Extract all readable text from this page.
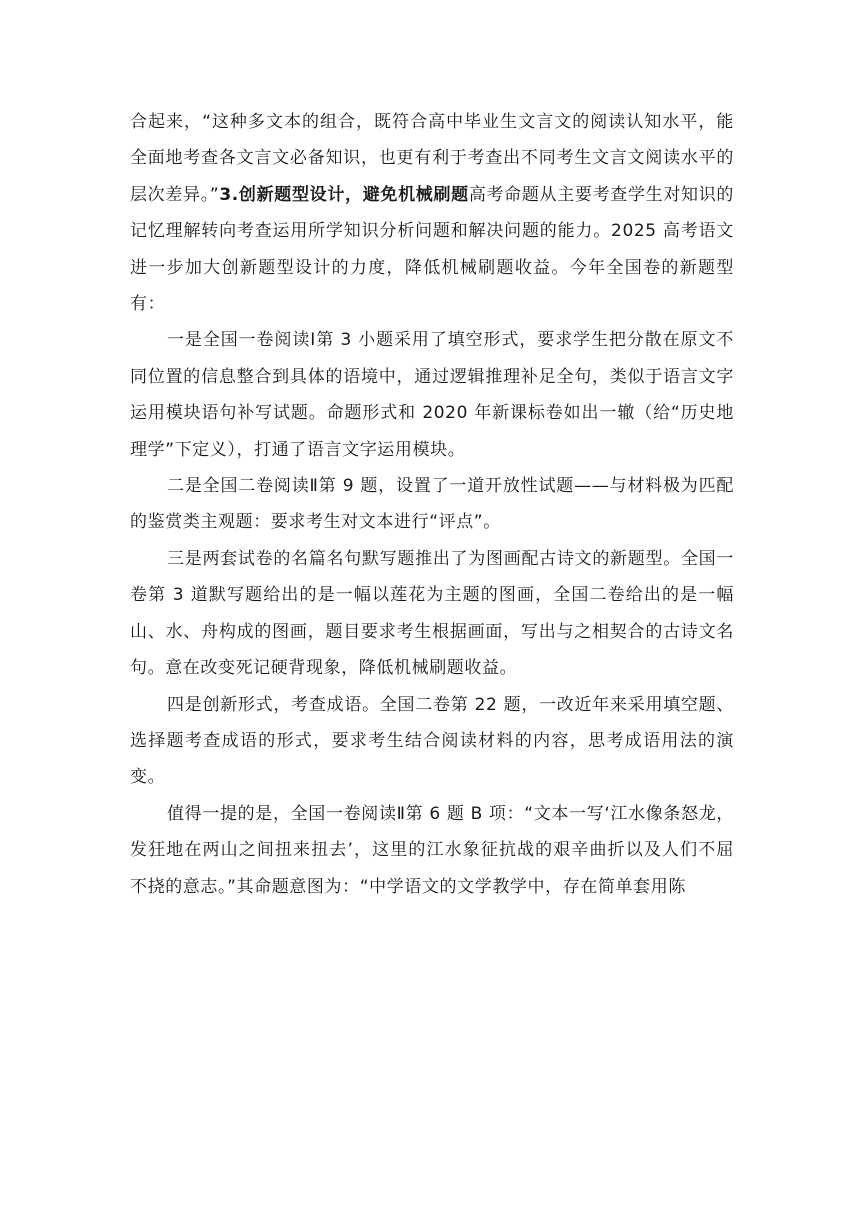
合起来，“这种多文本的组合，既符合高中毕业生文言文的阅读认知水平，能全面地考查各文言文必备知识，也更有利于考查出不同考生文言文阅读水平的层次差异。”3.创新题型设计，避免机械刷题高考命题从主要考查学生对知识的记忆理解转向考查运用所学知识分析问题和解决问题的能力。2025 高考语文进一步加大创新题型设计的力度，降低机械刷题收益。今年全国卷的新题型有：

一是全国一卷阅读Ⅰ第 3 小题采用了填空形式，要求学生把分散在原文不同位置的信息整合到具体的语境中，通过逻辑推理补足全句，类似于语言文字运用模块语句补写试题。命题形式和 2020 年新课标卷如出一辙（给“历史地理学”下定义），打通了语言文字运用模块。

二是全国二卷阅读Ⅱ第 9 题，设置了一道开放性试题——与材料极为匹配的鉴赏类主观题：要求考生对文本进行“评点”。

三是两套试卷的名篇名句默写题推出了为图画配古诗文的新题型。全国一卷第 3 道默写题给出的是一幅以莲花为主题的图画，全国二卷给出的是一幅山、水、舟构成的图画，题目要求考生根据画面，写出与之相契合的古诗文名句。意在改变死记硬背现象，降低机械刷题收益。

四是创新形式，考查成语。全国二卷第 22 题，一改近年来采用填空题、选择题考查成语的形式，要求考生结合阅读材料的内容，思考成语用法的演变。

值得一提的是，全国一卷阅读Ⅱ第 6 题 B 项：“文本一写‘江水像条怒龙，发狂地在两山之间扭来扭去’，这里的江水象征抗战的艰辛曲折以及人们不屈不挠的意志。”其命题意图为：“中学语文的文学教学中，存在简单套用陈
